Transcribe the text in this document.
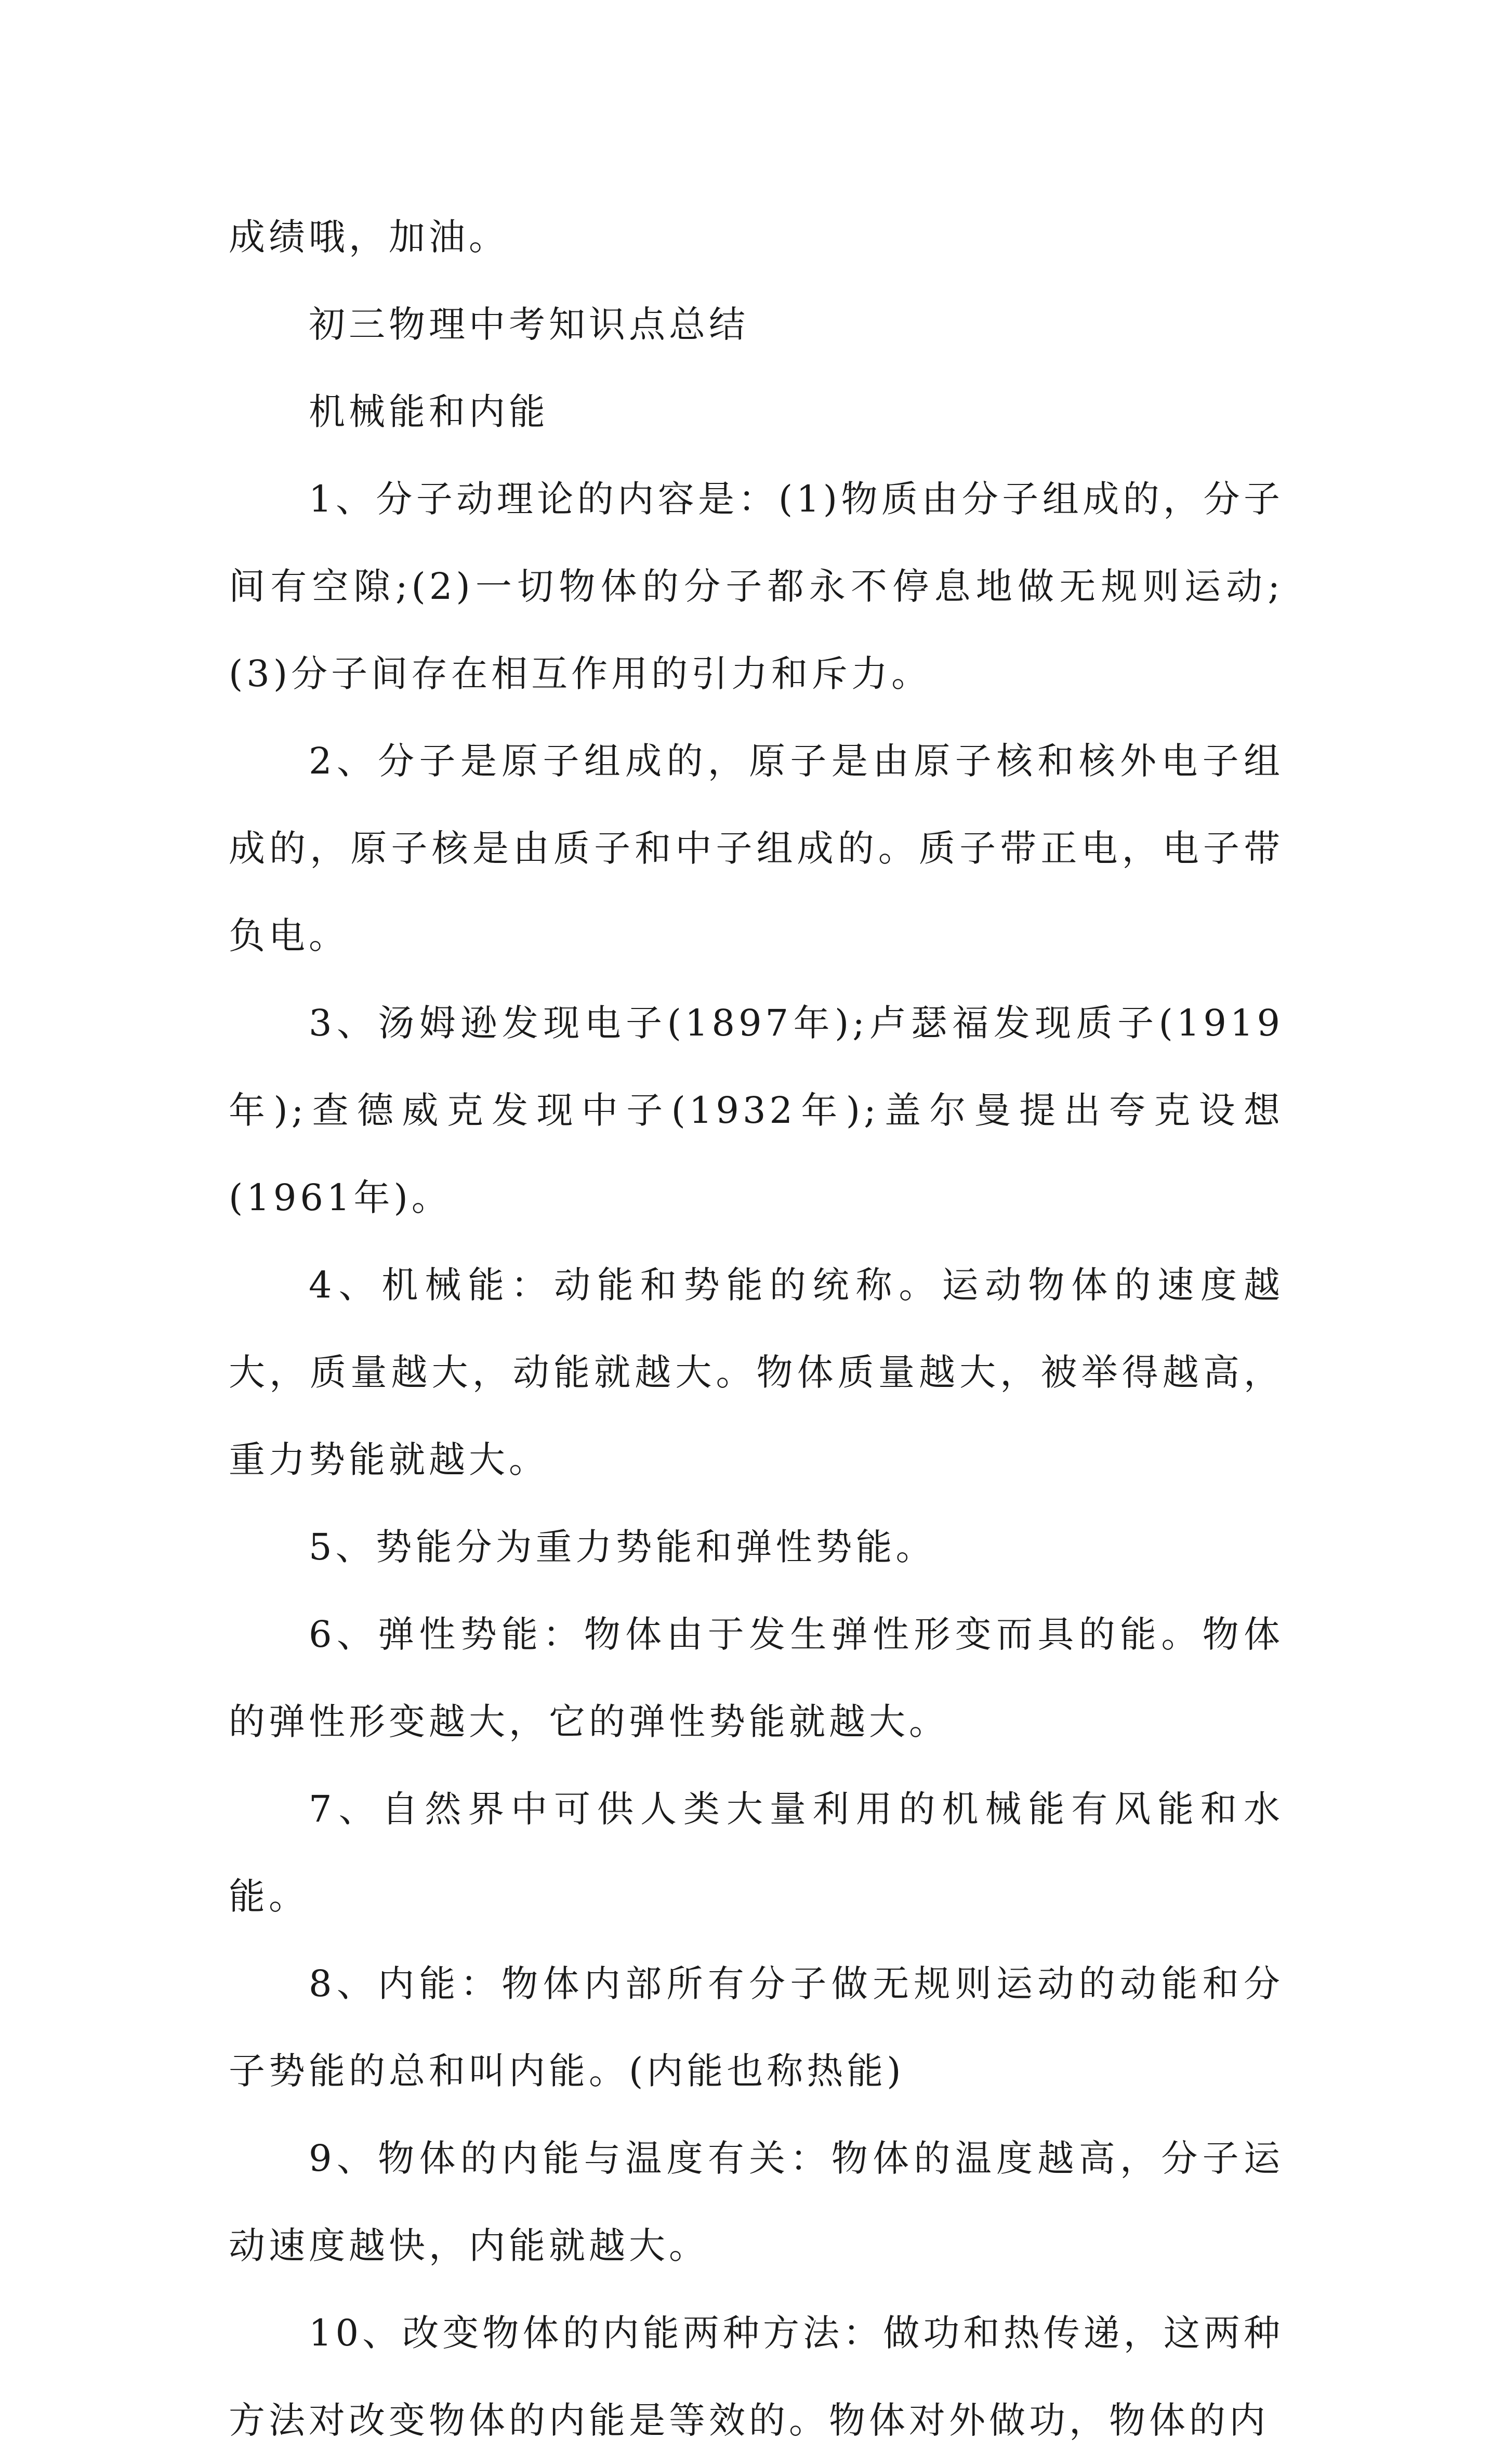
成绩哦，加油。

初三物理中考知识点总结

机械能和内能

1、分子动理论的内容是：(1)物质由分子组成的，分子间有空隙;(2)一切物体的分子都永不停息地做无规则运动;(3)分子间存在相互作用的引力和斥力。

2、分子是原子组成的，原子是由原子核和核外电子组成的，原子核是由质子和中子组成的。质子带正电，电子带负电。

3、汤姆逊发现电子(1897年);卢瑟福发现质子(1919年);查德威克发现中子(1932年);盖尔曼提出夸克设想(1961年)。

4、机械能：动能和势能的统称。运动物体的速度越大，质量越大，动能就越大。物体质量越大，被举得越高，重力势能就越大。

5、势能分为重力势能和弹性势能。

6、弹性势能：物体由于发生弹性形变而具的能。物体的弹性形变越大，它的弹性势能就越大。

7、自然界中可供人类大量利用的机械能有风能和水能。

8、内能：物体内部所有分子做无规则运动的动能和分子势能的总和叫内能。(内能也称热能)

9、物体的内能与温度有关：物体的温度越高，分子运动速度越快，内能就越大。

10、改变物体的内能两种方法：做功和热传递，这两种方法对改变物体的内能是等效的。物体对外做功，物体的内
